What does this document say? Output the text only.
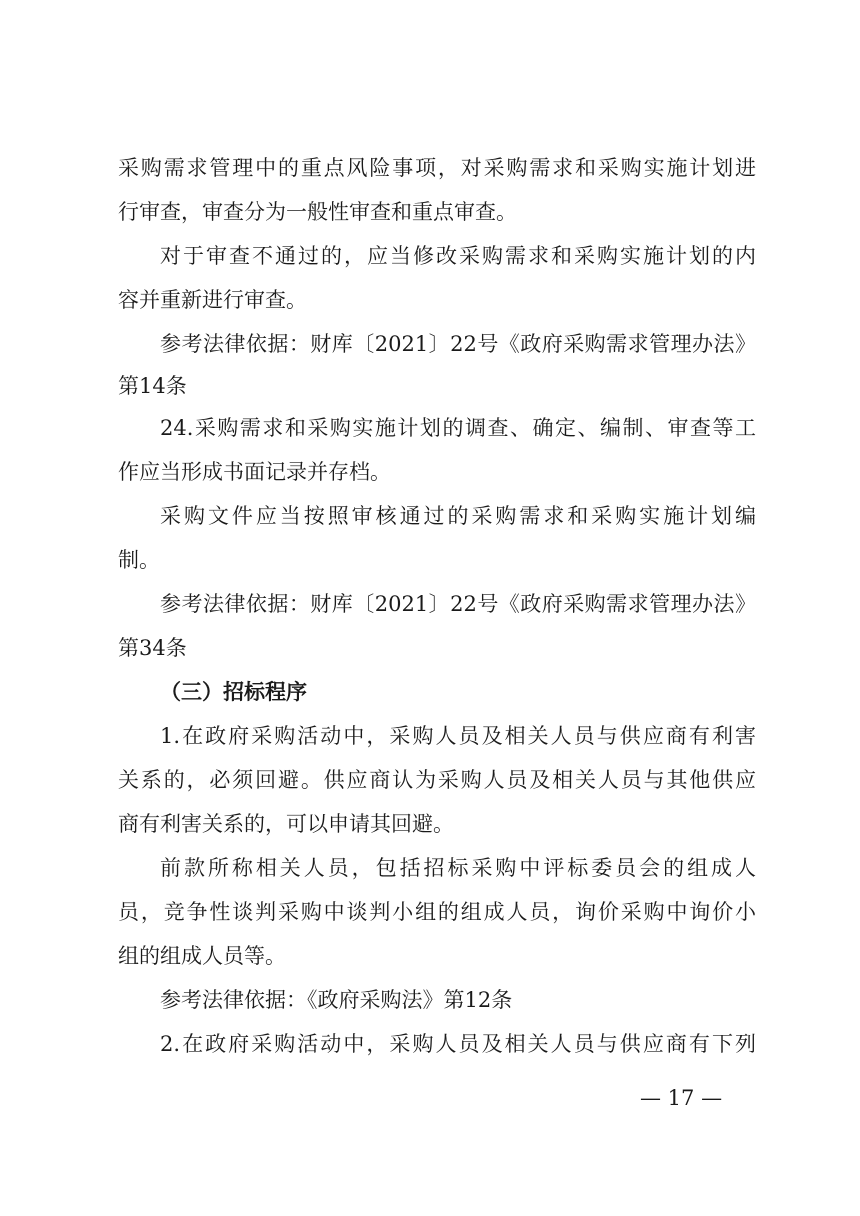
采购需求管理中的重点风险事项，对采购需求和采购实施计划进
行审查，审查分为一般性审查和重点审查。
对于审查不通过的，应当修改采购需求和采购实施计划的内
容并重新进行审查。
参考法律依据：财库〔2021〕22号《政府采购需求管理办法》
第14条
24.采购需求和采购实施计划的调查、确定、编制、审查等工
作应当形成书面记录并存档。
采购文件应当按照审核通过的采购需求和采购实施计划编
制。
参考法律依据：财库〔2021〕22号《政府采购需求管理办法》
第34条
（三）招标程序
1.在政府采购活动中，采购人员及相关人员与供应商有利害
关系的，必须回避。供应商认为采购人员及相关人员与其他供应
商有利害关系的，可以申请其回避。
前款所称相关人员，包括招标采购中评标委员会的组成人
员，竞争性谈判采购中谈判小组的组成人员，询价采购中询价小
组的组成人员等。
参考法律依据：《政府采购法》第12条
2.在政府采购活动中，采购人员及相关人员与供应商有下列
— 17 —
